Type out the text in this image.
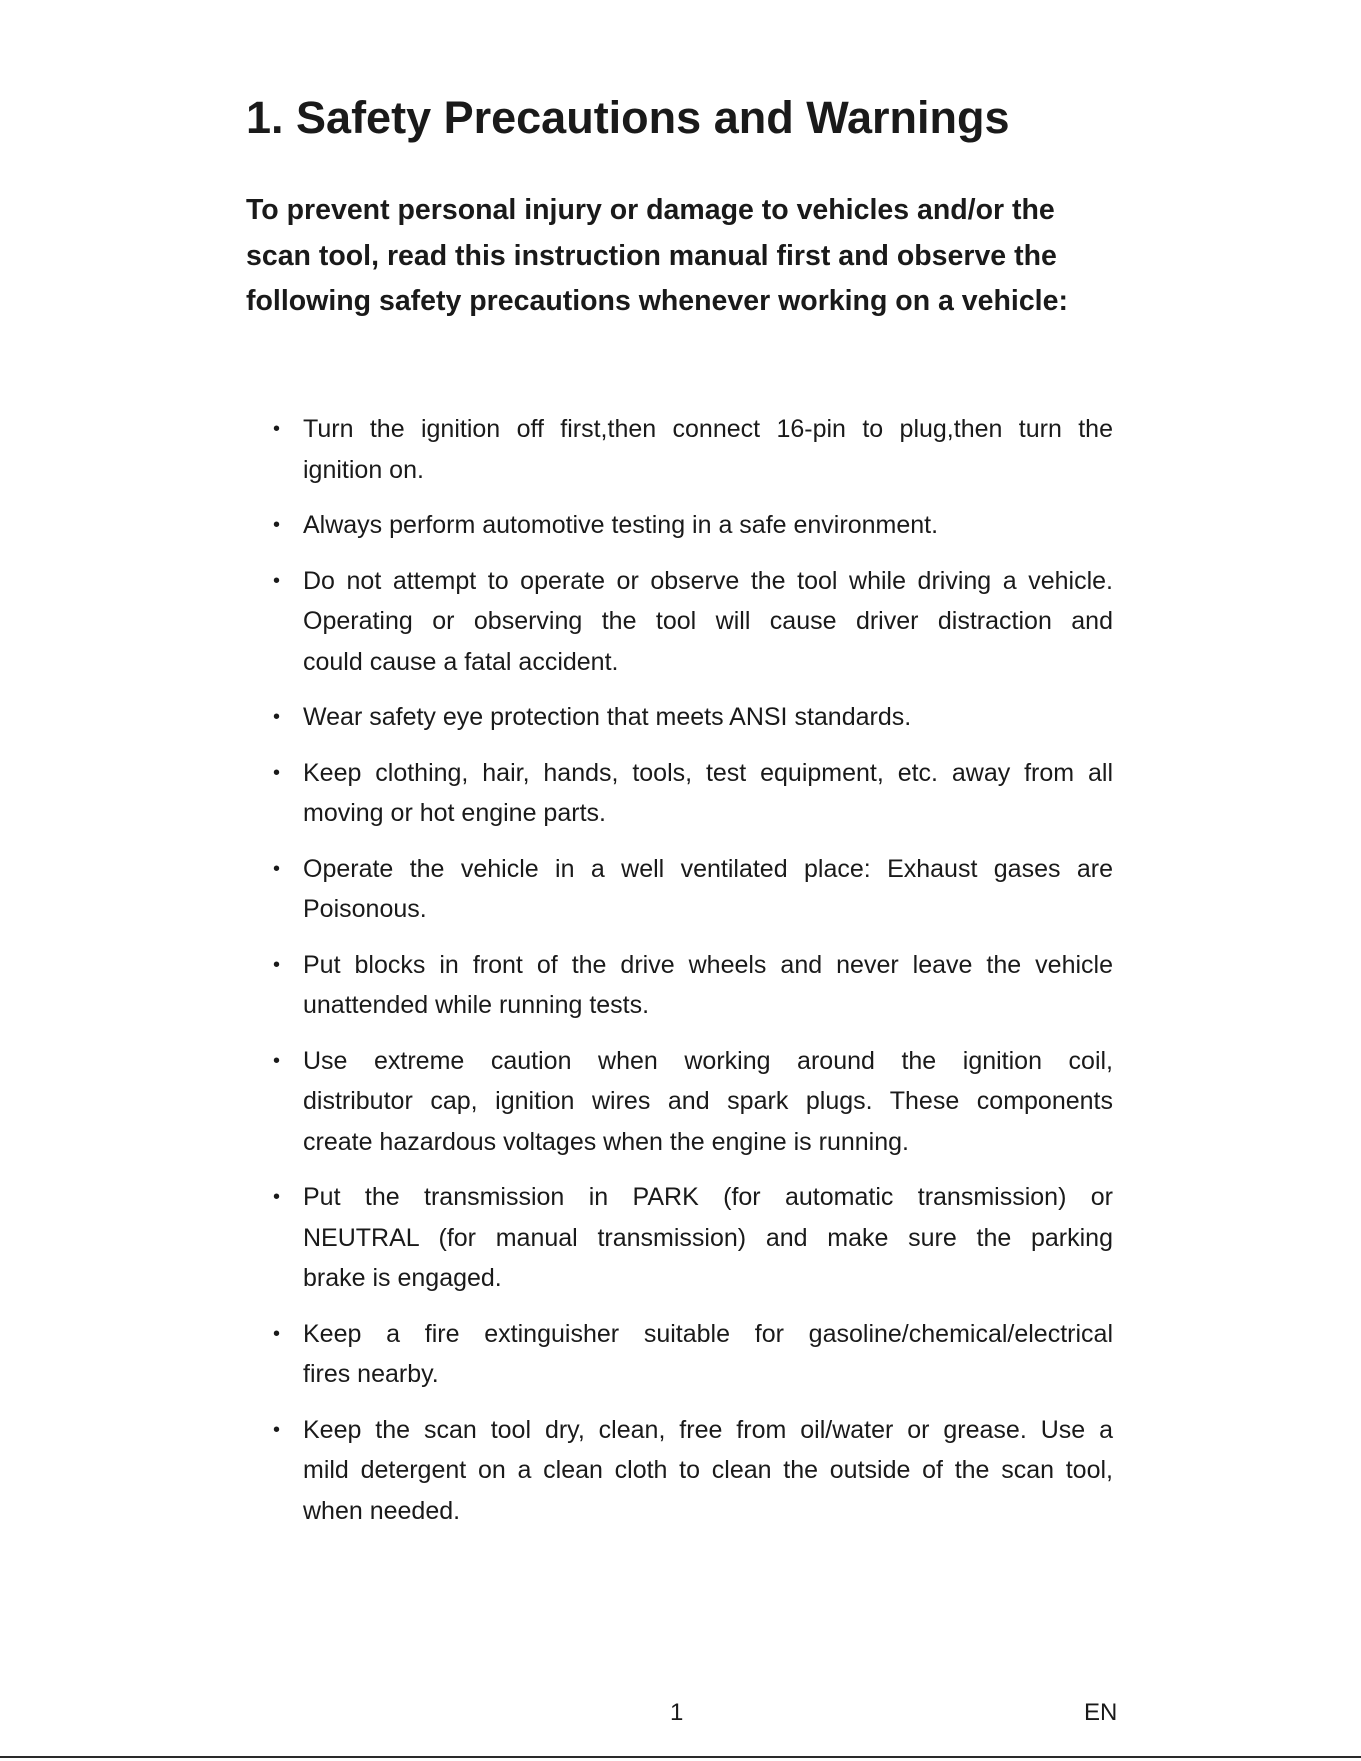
1. Safety Precautions and Warnings

To prevent personal injury or damage to vehicles and/or the
scan tool, read this instruction manual first and observe the
following safety precautions whenever working on a vehicle:

• Turn the ignition off first,then connect 16-pin to plug,then turn the
ignition on.
• Always perform automotive testing in a safe environment.
• Do not attempt to operate or observe the tool while driving a vehicle.
Operating or observing the tool will cause driver distraction and
could cause a fatal accident.
• Wear safety eye protection that meets ANSI standards.
• Keep clothing, hair, hands, tools, test equipment, etc. away from all
moving or hot engine parts.
• Operate the vehicle in a well ventilated place: Exhaust gases are
Poisonous.
• Put blocks in front of the drive wheels and never leave the vehicle
unattended while running tests.
• Use extreme caution when working around the ignition coil,
distributor cap, ignition wires and spark plugs. These components
create hazardous voltages when the engine is running.
• Put the transmission in PARK (for automatic transmission) or
NEUTRAL (for manual transmission) and make sure the parking
brake is engaged.
• Keep a fire extinguisher suitable for gasoline/chemical/electrical
fires nearby.
• Keep the scan tool dry, clean, free from oil/water or grease. Use a
mild detergent on a clean cloth to clean the outside of the scan tool,
when needed.
1	EN
